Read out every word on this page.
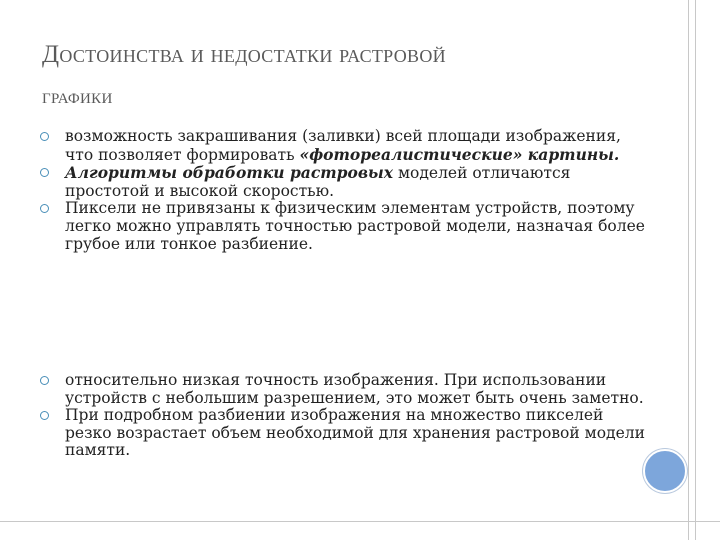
Достоинства и недостатки растровой
графики
возможность закрашивания (заливки) всей площади изображения, что позволяет формировать «фотореалистические» картины.
Алгоритмы обработки растровых моделей отличаются простотой и высокой скоростью.
Пиксели не привязаны к физическим элементам устройств, поэтому легко можно управлять точностью растровой модели, назначая более грубое или тонкое разбиение.
относительно низкая точность изображения. При использовании устройств с небольшим разрешением, это может быть очень заметно.
При подробном разбиении изображения на множество пикселей резко возрастает объем необходимой для хранения растровой модели памяти.
